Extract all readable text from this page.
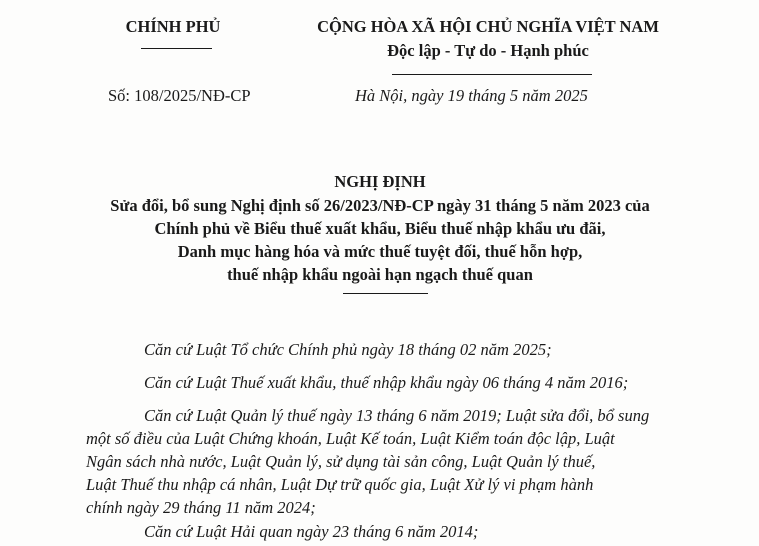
CHÍNH PHỦ	CỘNG HÒA XÃ HỘI CHỦ NGHĨA VIỆT NAM
Độc lập - Tự do - Hạnh phúc
Số: 108/2025/NĐ-CP	Hà Nội, ngày 19 tháng 5 năm 2025
NGHỊ ĐỊNH
Sửa đổi, bổ sung Nghị định số 26/2023/NĐ-CP ngày 31 tháng 5 năm 2023 của
Chính phủ về Biểu thuế xuất khẩu, Biểu thuế nhập khẩu ưu đãi,
Danh mục hàng hóa và mức thuế tuyệt đối, thuế hỗn hợp,
thuế nhập khẩu ngoài hạn ngạch thuế quan
Căn cứ Luật Tổ chức Chính phủ ngày 18 tháng 02 năm 2025;
Căn cứ Luật Thuế xuất khẩu, thuế nhập khẩu ngày 06 tháng 4 năm 2016;
Căn cứ Luật Quản lý thuế ngày 13 tháng 6 năm 2019; Luật sửa đổi, bổ sung
một số điều của Luật Chứng khoán, Luật Kế toán, Luật Kiểm toán độc lập, Luật
Ngân sách nhà nước, Luật Quản lý, sử dụng tài sản công, Luật Quản lý thuế,
Luật Thuế thu nhập cá nhân, Luật Dự trữ quốc gia, Luật Xử lý vi phạm hành
chính ngày 29 tháng 11 năm 2024;
Căn cứ Luật Hải quan ngày 23 tháng 6 năm 2014;
